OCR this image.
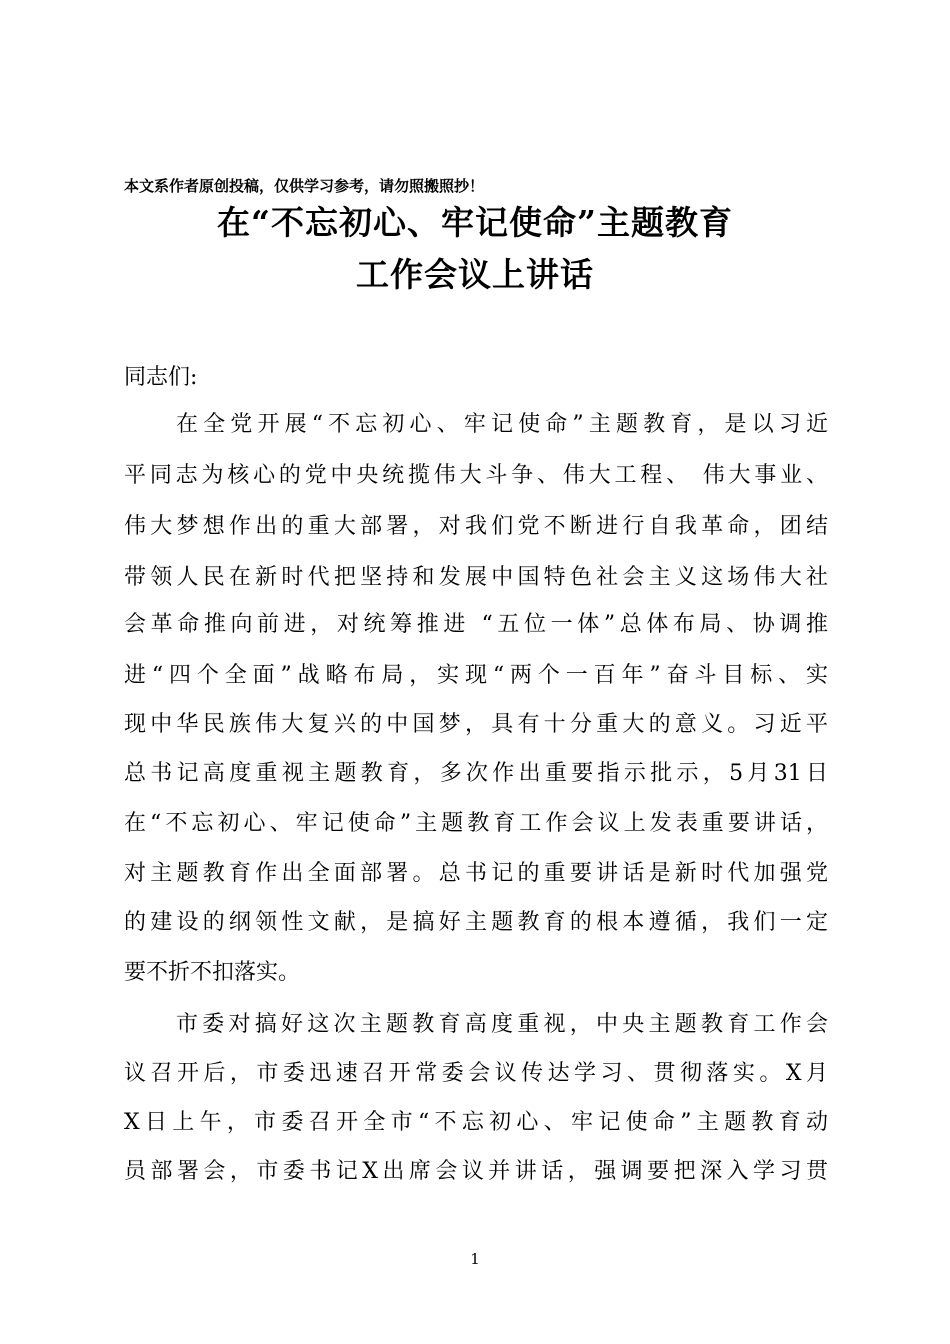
本文系作者原创投稿，仅供学习参考，请勿照搬照抄！
在“不忘初心、牢记使命”主题教育
工作会议上讲话
同志们:
在全党开展“不忘初心、牢记使命”主题教育，是以习近
平同志为核心的党中央统揽伟大斗争、伟大工程、 伟大事业、
伟大梦想作出的重大部署，对我们党不断进行自我革命，团结
带领人民在新时代把坚持和发展中国特色社会主义这场伟大社
会革命推向前进，对统筹推进 “五位一体”总体布局、协调推
进“四个全面”战略布局，实现“两个一百年”奋斗目标、实
现中华民族伟大复兴的中国梦，具有十分重大的意义。习近平
总书记高度重视主题教育，多次作出重要指示批示，5月31日
在“不忘初心、牢记使命”主题教育工作会议上发表重要讲话，
对主题教育作出全面部署。总书记的重要讲话是新时代加强党
的建设的纲领性文献，是搞好主题教育的根本遵循，我们一定
要不折不扣落实。
市委对搞好这次主题教育高度重视，中央主题教育工作会
议召开后，市委迅速召开常委会议传达学习、贯彻落实。X月
X日上午，市委召开全市“不忘初心、牢记使命”主题教育动
员部署会，市委书记X出席会议并讲话，强调要把深入学习贯
1
